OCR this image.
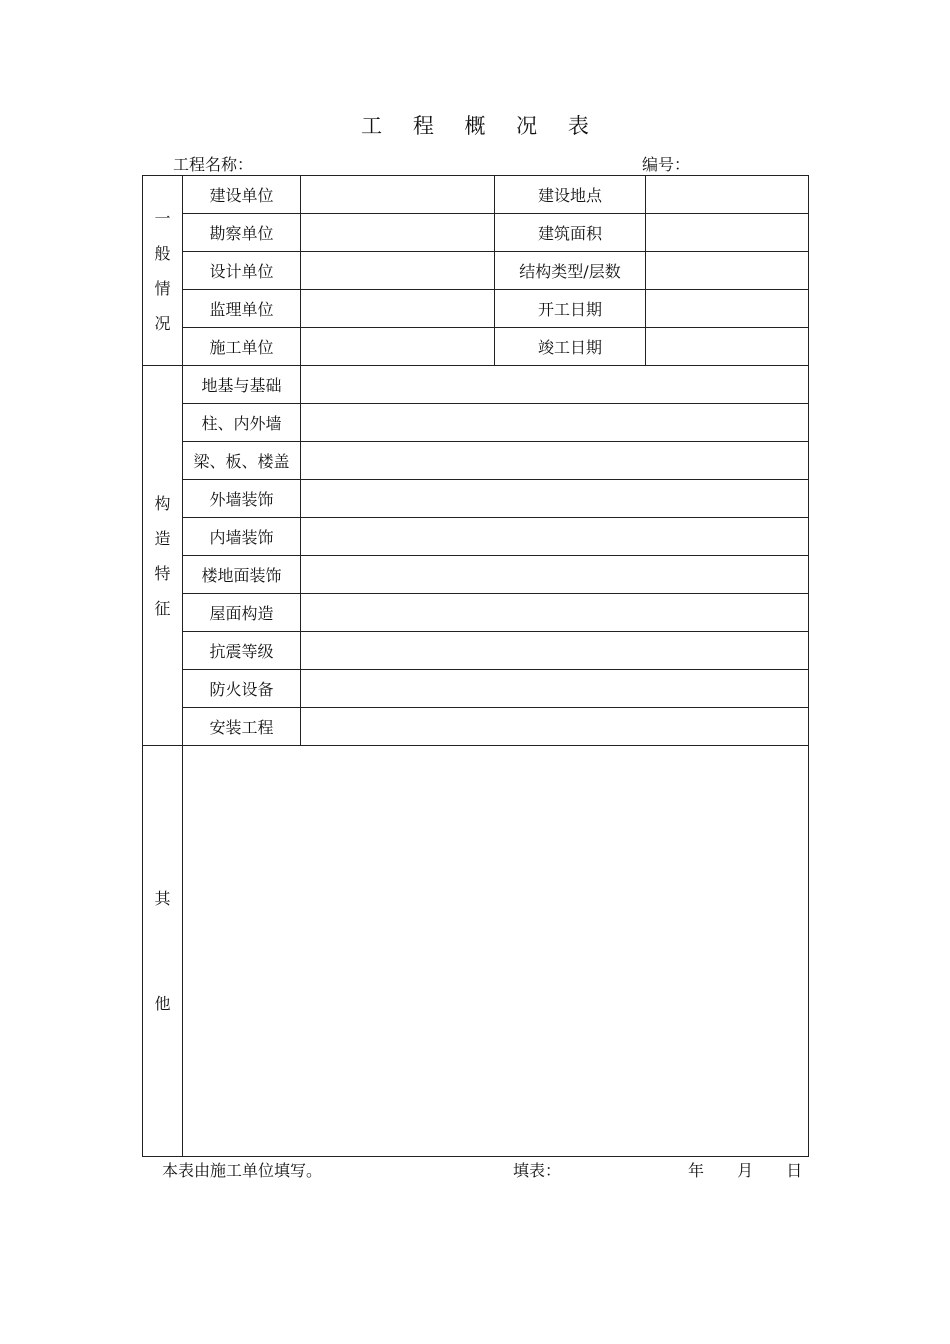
工 程 概 况 表
工程名称：	编号：
一
般
情
况	建设单位		建设地点	
	勘察单位		建筑面积	
	设计单位		结构类型/层数	
	监理单位		开工日期	
	施工单位		竣工日期	

构
造
特
征	地基与基础			
	柱、内外墙			
	梁、板、楼盖			
	外墙装饰			
	内墙装饰			
	楼地面装饰			
	屋面构造			
	抗震等级			
	防火设备			
	安装工程			

其
他				

本表由施工单位填写。	填表：	年 月 日
